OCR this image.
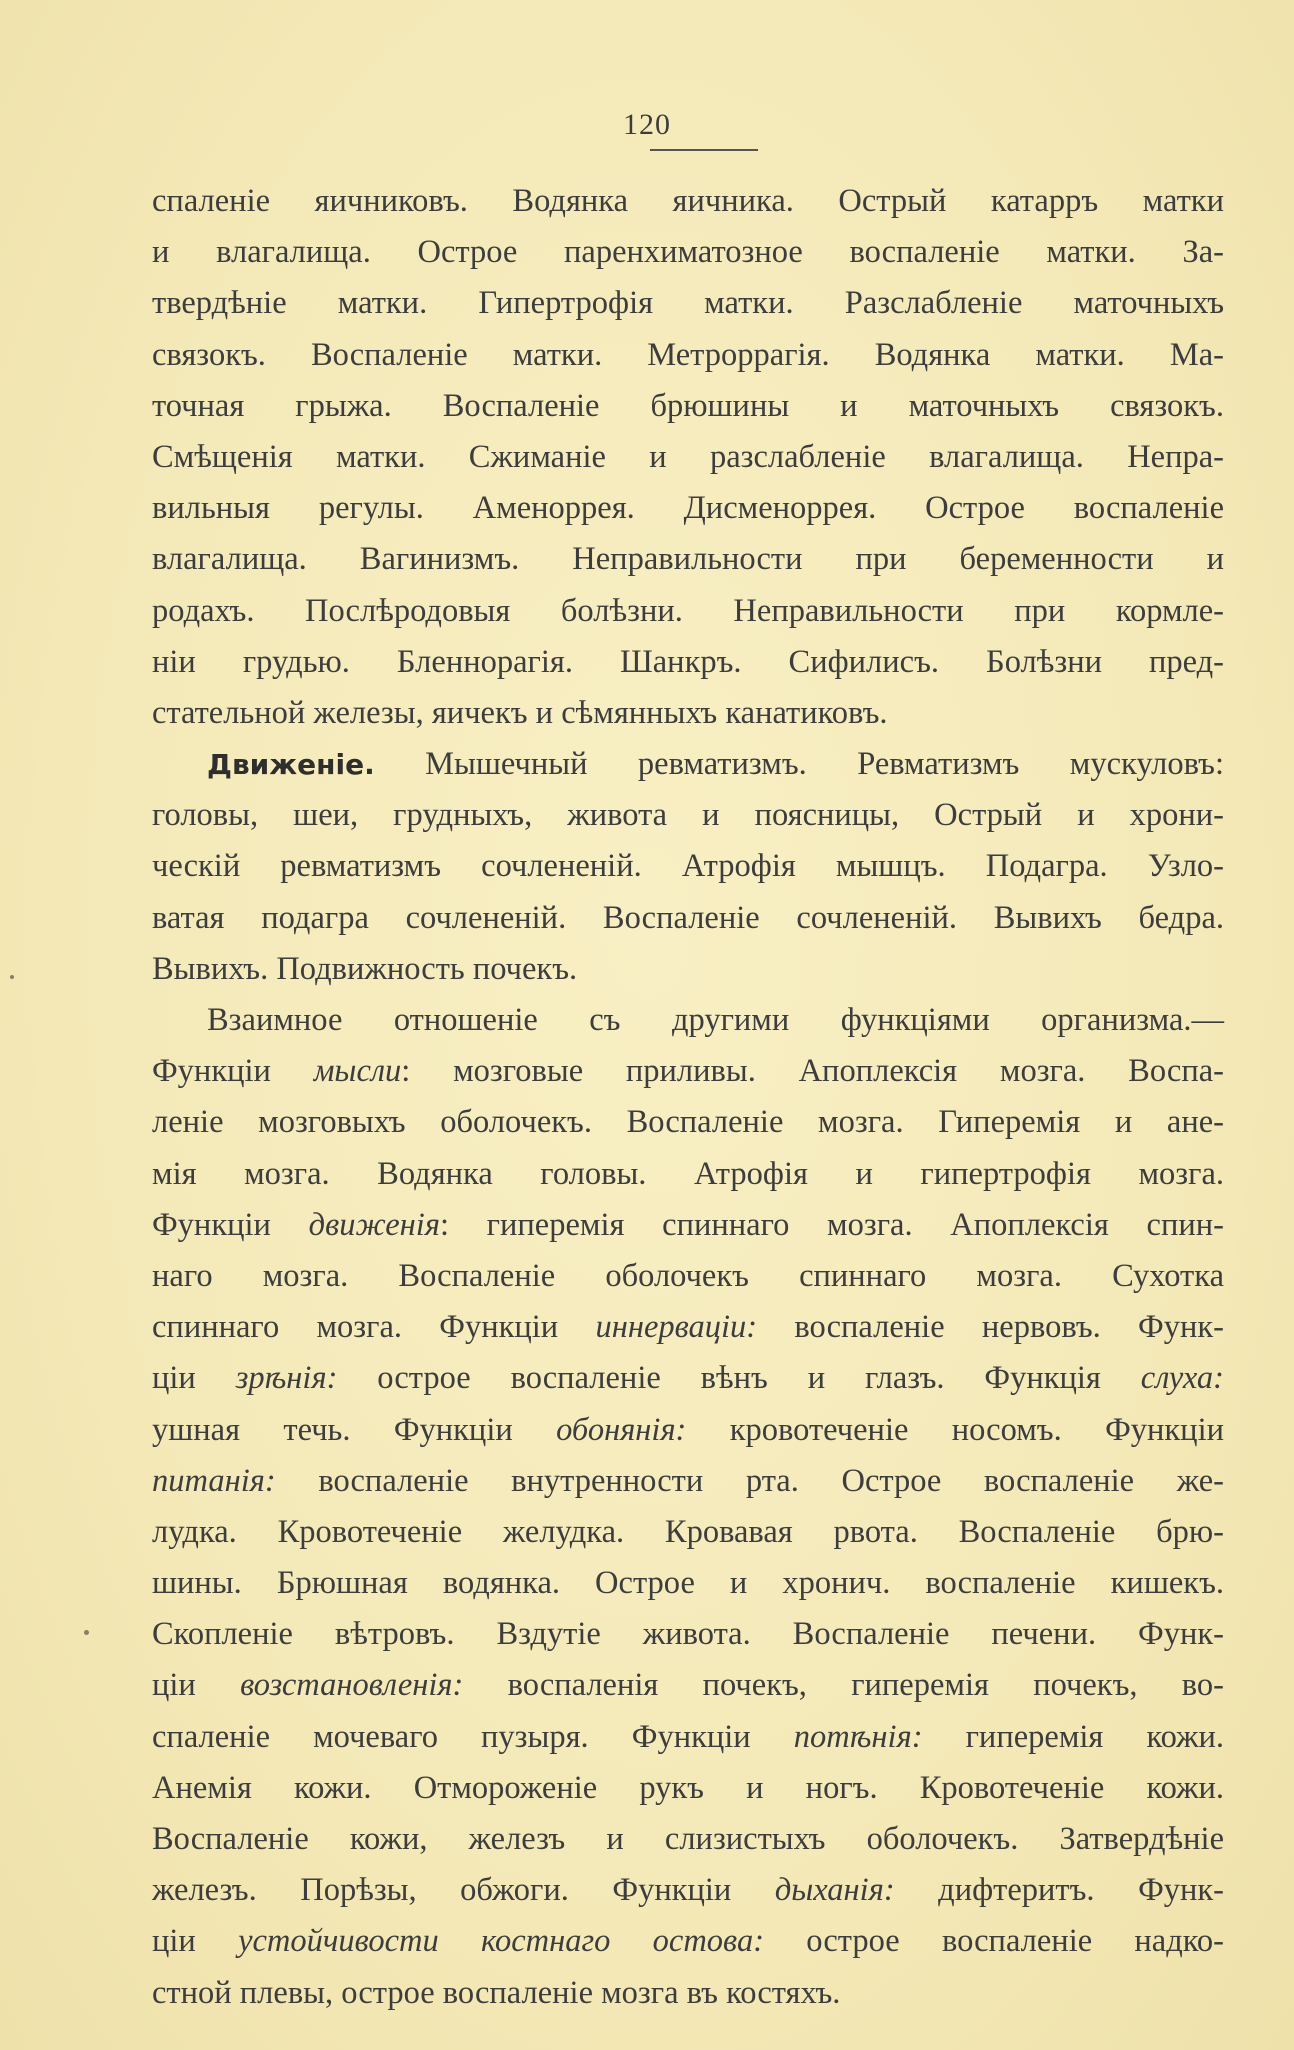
120
спаленіе яичниковъ. Водянка яичника. Острый катарръ матки
и влагалища. Острое паренхиматозное воспаленіе матки. За-
твердѣніе матки. Гипертрофія матки. Разслабленіе маточныхъ
связокъ. Воспаленіе матки. Метроррагія. Водянка матки. Ма-
точная грыжа. Воспаленіе брюшины и маточныхъ связокъ.
Смѣщенія матки. Сжиманіе и разслабленіе влагалища. Непра-
вильныя регулы. Аменоррея. Дисменоррея. Острое воспаленіе
влагалища. Вагинизмъ. Неправильности при беременности и
родахъ. Послѣродовыя болѣзни. Неправильности при кормле-
ніи грудью. Бленнорагія. Шанкръ. Сифилисъ. Болѣзни пред-
стательной железы, яичекъ и сѣмянныхъ канатиковъ.
Движеніе. Мышечный ревматизмъ. Ревматизмъ мускуловъ:
головы, шеи, грудныхъ, живота и поясницы, Острый и хрони-
ческій ревматизмъ сочлененій. Атрофія мышцъ. Подагра. Узло-
ватая подагра сочлененій. Воспаленіе сочлененій. Вывихъ бедра.
Вывихъ. Подвижность почекъ.
Взаимное отношеніе съ другими функціями организма.—
Функціи мысли: мозговые приливы. Апоплексія мозга. Воспа-
леніе мозговыхъ оболочекъ. Воспаленіе мозга. Гиперемія и ане-
мія мозга. Водянка головы. Атрофія и гипертрофія мозга.
Функціи движенія: гиперемія спиннаго мозга. Апоплексія спин-
наго мозга. Воспаленіе оболочекъ спиннаго мозга. Сухотка
спиннаго мозга. Функціи иннерваціи: воспаленіе нервовъ. Функ-
ціи зрѣнія: острое воспаленіе вѣнъ и глазъ. Функція слуха:
ушная течь. Функціи обонянія: кровотеченіе носомъ. Функціи
питанія: воспаленіе внутренности рта. Острое воспаленіе же-
лудка. Кровотеченіе желудка. Кровавая рвота. Воспаленіе брю-
шины. Брюшная водянка. Острое и хронич. воспаленіе кишекъ.
Скопленіе вѣтровъ. Вздутіе живота. Воспаленіе печени. Функ-
ціи возстановленія: воспаленія почекъ, гиперемія почекъ, во-
спаленіе мочеваго пузыря. Функціи потѣнія: гиперемія кожи.
Анемія кожи. Отмороженіе рукъ и ногъ. Кровотеченіе кожи.
Воспаленіе кожи, железъ и слизистыхъ оболочекъ. Затвердѣніе
железъ. Порѣзы, обжоги. Функціи дыханія: дифтеритъ. Функ-
ціи устойчивости костнаго остова: острое воспаленіе надко-
стной плевы, острое воспаленіе мозга въ костяхъ.
